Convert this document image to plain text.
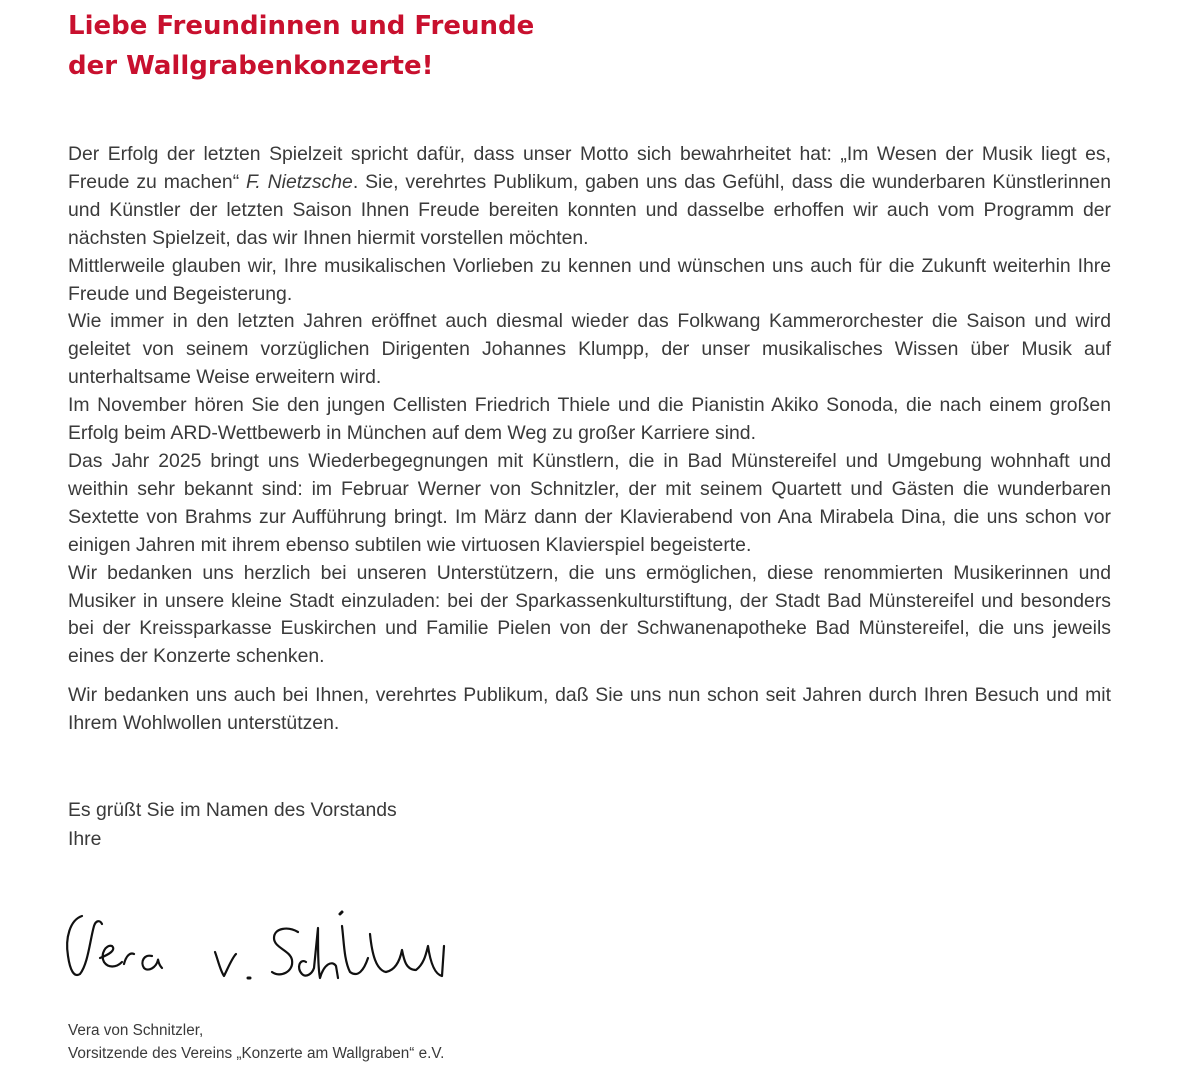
Liebe Freundinnen und Freunde
der Wallgrabenkonzerte!

Der Erfolg der letzten Spielzeit spricht dafür, dass unser Motto sich bewahrheitet hat: „Im Wesen der Musik liegt es, Freude zu machen“ F. Nietzsche. Sie, verehrtes Publikum, gaben uns das Gefühl, dass die wunderbaren Künstlerinnen und Künstler der letzten Saison Ihnen Freude bereiten konnten und dasselbe erhoffen wir auch vom Programm der nächsten Spielzeit, das wir Ihnen hiermit vorstellen möchten.

Mittlerweile glauben wir, Ihre musikalischen Vorlieben zu kennen und wünschen uns auch für die Zukunft weiterhin Ihre Freude und Begeisterung.

Wie immer in den letzten Jahren eröffnet auch diesmal wieder das Folkwang Kammerorchester die Saison und wird geleitet von seinem vorzüglichen Dirigenten Johannes Klumpp, der unser musikalisches Wissen über Musik auf unterhaltsame Weise erweitern wird.

Im November hören Sie den jungen Cellisten Friedrich Thiele und die Pianistin Akiko Sonoda, die nach einem großen Erfolg beim ARD-Wettbewerb in München auf dem Weg zu großer Karriere sind.

Das Jahr 2025 bringt uns Wiederbegegnungen mit Künstlern, die in Bad Münstereifel und Umgebung wohnhaft und weithin sehr bekannt sind: im Februar Werner von Schnitzler, der mit seinem Quartett und Gästen die wunderbaren Sextette von Brahms zur Aufführung bringt. Im März dann der Klavierabend von Ana Mirabela Dina, die uns schon vor einigen Jahren mit ihrem ebenso subtilen wie virtuosen Klavierspiel begeisterte.

Wir bedanken uns herzlich bei unseren Unterstützern, die uns ermöglichen, diese renommierten Musikerinnen und Musiker in unsere kleine Stadt einzuladen: bei der Sparkassenkulturstiftung, der Stadt Bad Münstereifel und besonders bei der Kreissparkasse Euskirchen und Familie Pielen von der Schwanenapotheke Bad Münstereifel, die uns jeweils eines der Konzerte schenken.

Wir bedanken uns auch bei Ihnen, verehrtes Publikum, daß Sie uns nun schon seit Jahren durch Ihren Besuch und mit Ihrem Wohlwollen unterstützen.

Es grüßt Sie im Namen des Vorstands
Ihre
Vera von Schnitzler,
Vorsitzende des Vereins „Konzerte am Wallgraben“ e.V.
